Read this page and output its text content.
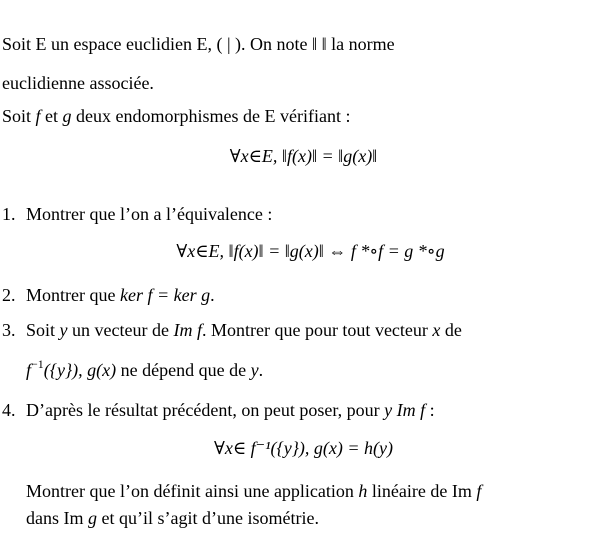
Soit E un espace euclidien E, ( | ). On note ‖ ‖ la norme
euclidienne associée.
Soit f et g deux endomorphismes de E vérifiant :
∀x∈E, ‖f(x)‖ = ‖g(x)‖
1. Montrer que l’on a l’équivalence :
∀x∈E, ‖f(x)‖ = ‖g(x)‖ ⇔ f *∘f = g *∘g
2. Montrer que ker f = ker g.
3. Soit y un vecteur de Im f. Montrer que pour tout vecteur x de
$f^{-1}(\{y\})$, g(x) ne dépend que de y.
4. D’après le résultat précédent, on peut poser, pour y Im f :
∀x∈ f⁻¹({y}), g(x) = h(y)
Montrer que l’on définit ainsi une application h linéaire de Im f
dans Im g et qu’il s’agit d’une isométrie.
